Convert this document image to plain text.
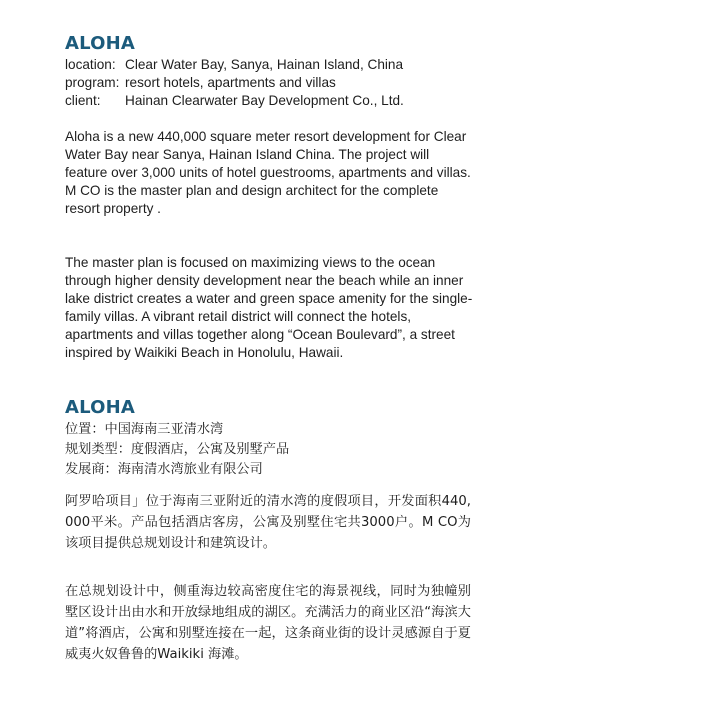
ALOHA
location: Clear Water Bay, Sanya, Hainan Island, China
program: resort hotels, apartments and villas
client:	Hainan Clearwater Bay Development Co., Ltd.
Aloha is a new 440,000 square meter resort development for Clear Water Bay near Sanya, Hainan Island China. The project will feature over 3,000 units of hotel guestrooms, apartments and villas. M CO is the master plan and design architect for the complete resort property .
The master plan is focused on maximizing views to the ocean through higher density development near the beach while an inner lake district creates a water and green space amenity for the single-family villas. A vibrant retail district will connect the hotels, apartments and villas together along “Ocean Boulevard”, a street inspired by Waikiki Beach in Honolulu, Hawaii.
ALOHA
位置：中国海南三亚清水湾
规划类型：度假酒店，公寓及别墅产品
发展商：海南清水湾旅业有限公司
阿罗哈项目」位于海南三亚附近的清水湾的度假项目，开发面积440, 000平米。产品包括酒店客房，公寓及别墅住宅共3000户。M CO为该项目提供总规划设计和建筑设计。
在总规划设计中，侧重海边较高密度住宅的海景视线，同时为独幢别墅区设计出由水和开放绿地组成的湖区。充满活力的商业区沿“海滨大道”将酒店，公寓和别墅连接在一起，这条商业街的设计灵感源自于夏威夷火奴鲁鲁的Waikiki 海滩。
